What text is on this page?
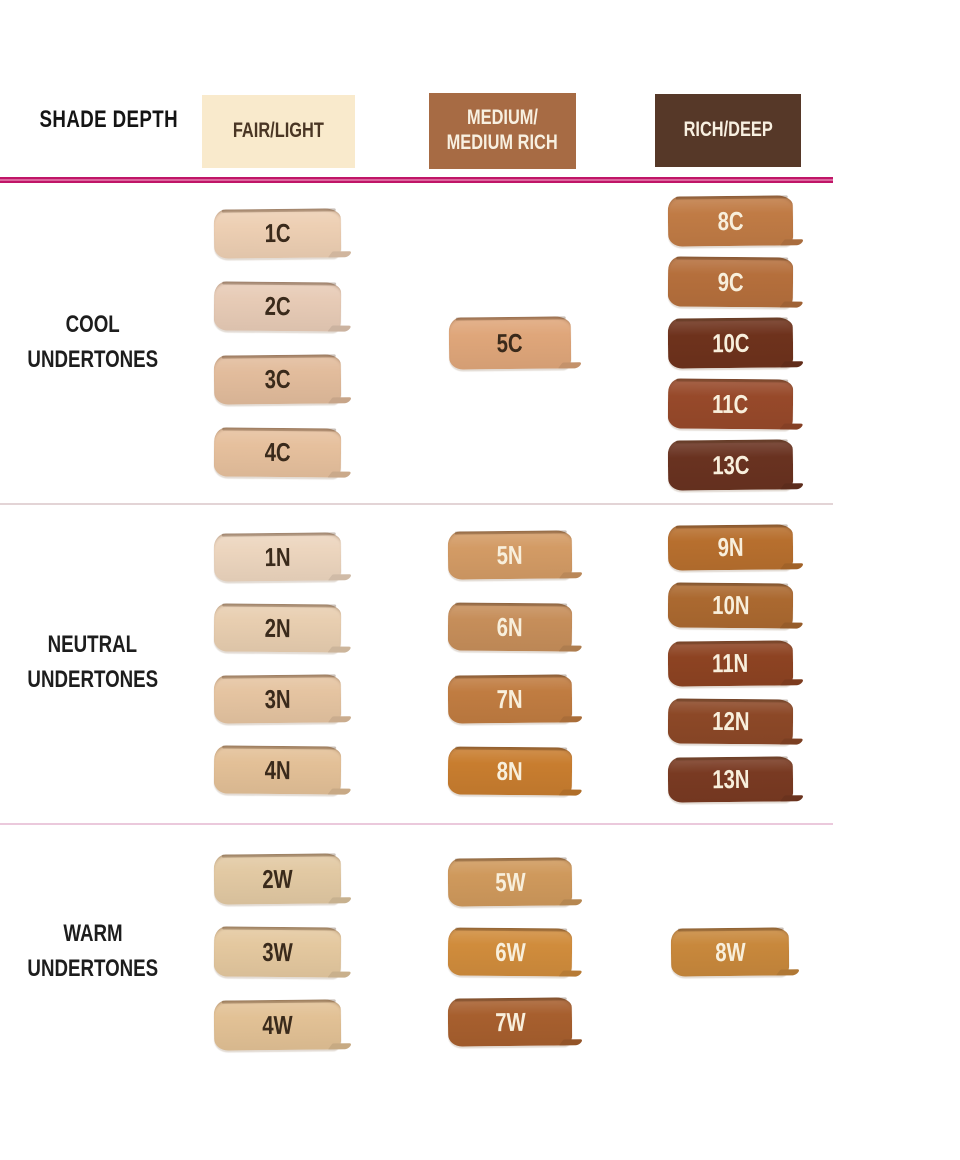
SHADE DEPTH	FAIR/LIGHT
MEDIUM/
MEDIUM RICH
RICH/DEEP
COOL
UNDERTONES
1C
2C
3C
4C
5C
8C
9C
10C
11C
13C
NEUTRAL
UNDERTONES
1N
2N
3N
4N
5N
6N
7N
8N
9N
10N
11N
12N
13N
WARM
UNDERTONES
2W
3W
4W
5W
6W
7W
8W
